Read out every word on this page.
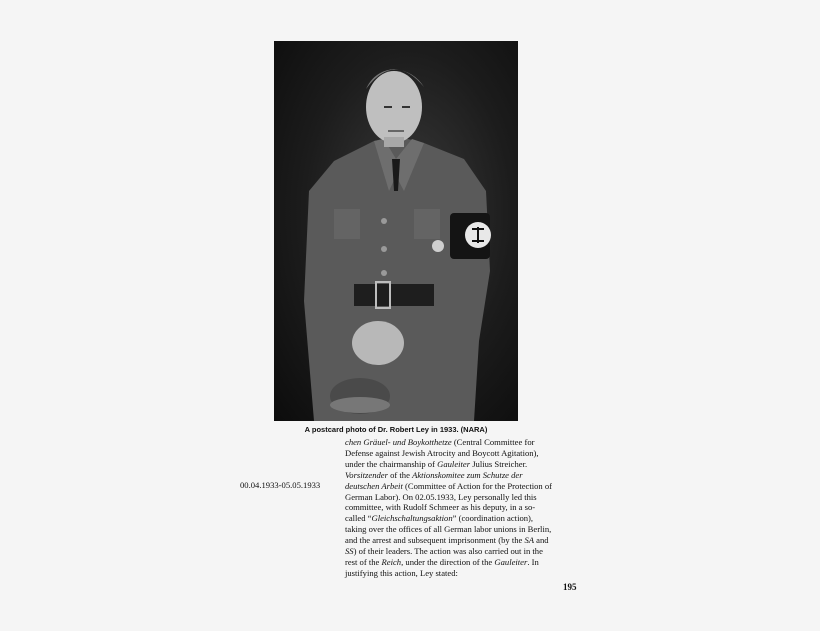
A postcard photo of Dr. Robert Ley in 1933. (NARA)
00.04.1933-05.05.1933

chen Gräuel- und Boykotthetze (Central Committee for Defense against Jewish Atrocity and Boycott Agitation), under the chairmanship of Gauleiter Julius Streicher.

Vorsitzender of the Aktionskomitee zum Schutze der deutschen Arbeit (Committee of Action for the Protection of German Labor). On 02.05.1933, Ley personally led this committee, with Rudolf Schmeer as his deputy, in a so-called “Gleichschaltungsaktion” (coordination action), taking over the offices of all German labor unions in Berlin, and the arrest and subsequent imprisonment (by the SA and SS) of their leaders. The action was also carried out in the rest of the Reich, under the direction of the Gauleiter. In justifying this action, Ley stated:

195
